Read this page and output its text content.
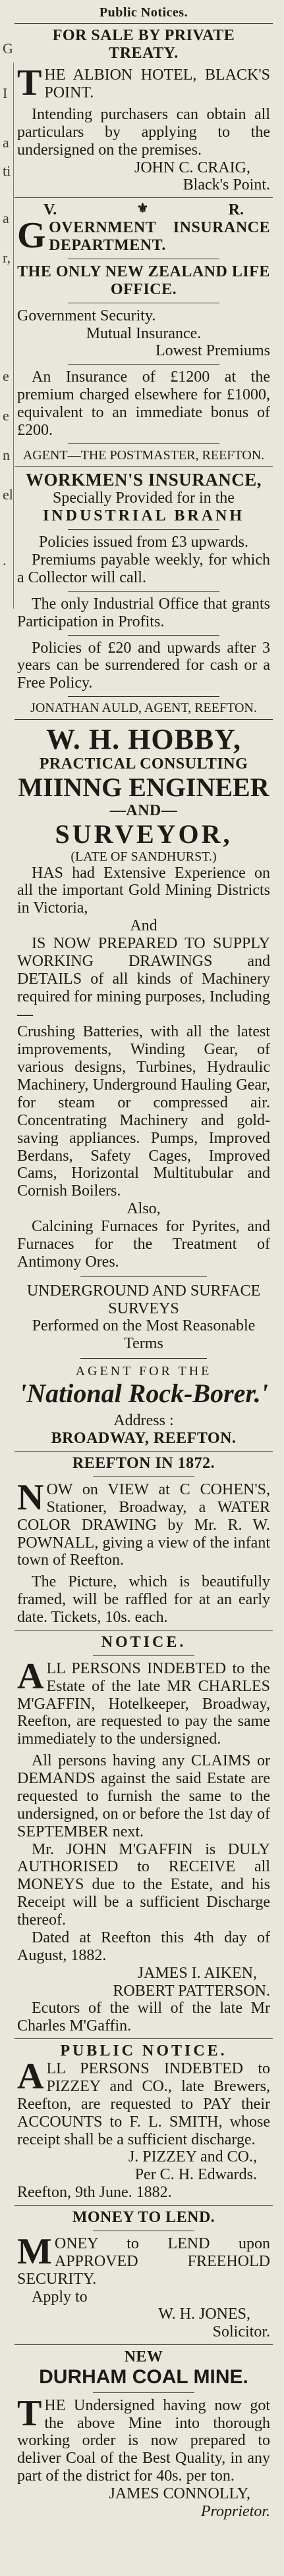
G
I
a
ti
a
r,
e
e
n
el
.
Public Notices.
FOR SALE BY PRIVATE TREATY.
THE ALBION HOTEL, BLACK'S POINT.
Intending purchasers can obtain all particulars by applying to the undersigned on the premises.
JOHN C. CRAIG,
Black's Point.
V.	⚜	R.
GOVERNMENT INSURANCE DEPARTMENT.
THE ONLY NEW ZEALAND LIFE OFFICE.
Government Security.
Mutual Insurance.
Lowest Premiums
An Insurance of £1200 at the premium charged elsewhere for £1000, equivalent to an immediate bonus of £200.
AGENT—THE POSTMASTER, REEFTON.
WORKMEN'S INSURANCE,
Specially Provided for in the
INDUSTRIAL BRANH
Policies issued from £3 upwards.
Premiums payable weekly, for which a Collector will call.
The only Industrial Office that grants Participation in Profits.
Policies of £20 and upwards after 3 years can be surrendered for cash or a Free Policy.
JONATHAN AULD, AGENT, REEFTON.
W. H. HOBBY,
PRACTICAL CONSULTING
MIINNG ENGINEER
—AND—
SURVEYOR,
(LATE OF SANDHURST.)
HAS had Extensive Experience on all the important Gold Mining Districts in Victoria,
And
IS NOW PREPARED TO SUPPLY WORKING DRAWINGS and DETAILS of all kinds of Machinery required for mining purposes, Including—
Crushing Batteries, with all the latest improvements, Winding Gear, of various designs, Turbines, Hydraulic Machinery, Underground Hauling Gear, for steam or compressed air. Concentrating Machinery and gold-saving appliances. Pumps, Improved Berdans, Safety Cages, Improved Cams, Horizontal Multitubular and Cornish Boilers.
Also,
Calcining Furnaces for Pyrites, and Furnaces for the Treatment of Antimony Ores.
UNDERGROUND AND SURFACE SURVEYS
Performed on the Most Reasonable Terms
AGENT FOR THE
'National Rock-Borer.'
Address :
BROADWAY, REEFTON.
REEFTON IN 1872.
NOW on VIEW at C COHEN'S, Stationer, Broadway, a WATER COLOR DRAWING by Mr. R. W. POWNALL, giving a view of the infant town of Reefton.
The Picture, which is beautifully framed, will be raffled for at an early date. Tickets, 10s. each.
NOTICE.
ALL PERSONS INDEBTED to the Estate of the late MR CHARLES M'GAFFIN, Hotelkeeper, Broadway, Reefton, are requested to pay the same immediately to the undersigned.
All persons having any CLAIMS or DEMANDS against the said Estate are requested to furnish the same to the undersigned, on or before the 1st day of SEPTEMBER next.
Mr. JOHN M'GAFFIN is DULY AUTHORISED to RECEIVE all MONEYS due to the Estate, and his Receipt will be a sufficient Discharge thereof.
Dated at Reefton this 4th day of August, 1882.
JAMES I. AIKEN,
ROBERT PATTERSON.
Ecutors of the will of the late Mr Charles M'Gaffin.
PUBLIC NOTICE.
ALL PERSONS INDEBTED to PIZZEY and CO., late Brewers, Reefton, are requested to PAY their ACCOUNTS to F. L. SMITH, whose receipt shall be a sufficient discharge.
J. PIZZEY and CO.,
Per C. H. Edwards.
Reefton, 9th June. 1882.
MONEY TO LEND.
MONEY to LEND upon APPROVED FREEHOLD SECURITY.
Apply to
W. H. JONES,
Solicitor.
NEW
DURHAM COAL MINE.
THE Undersigned having now got the above Mine into thorough working order is now prepared to deliver Coal of the Best Quality, in any part of the district for 40s. per ton.
JAMES CONNOLLY,
Proprietor.
